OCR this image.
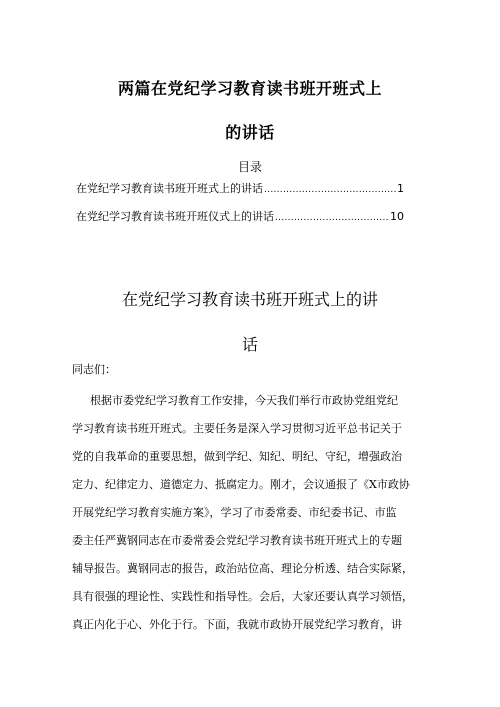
两篇在党纪学习教育读书班开班式上
的讲话
目录
在党纪学习教育读书班开班式上的讲话 .....	1
在党纪学习教育读书班开班仪式上的讲话 .....	10
在党纪学习教育读书班开班式上的讲
话
同志们：
根据市委党纪学习教育工作安排，今天我们举行市政协党组党纪
学习教育读书班开班式。主要任务是深入学习贯彻习近平总书记关于
党的自我革命的重要思想，做到学纪、知纪、明纪、守纪，增强政治
定力、纪律定力、道德定力、抵腐定力。刚才，会议通报了《X市政协
开展党纪学习教育实施方案》，学习了市委常委、市纪委书记、市监
委主任严冀钢同志在市委常委会党纪学习教育读书班开班式上的专题
辅导报告。冀钢同志的报告，政治站位高、理论分析透、结合实际紧，
具有很强的理论性、实践性和指导性。会后，大家还要认真学习领悟，
真正内化于心、外化于行。下面，我就市政协开展党纪学习教育，讲
